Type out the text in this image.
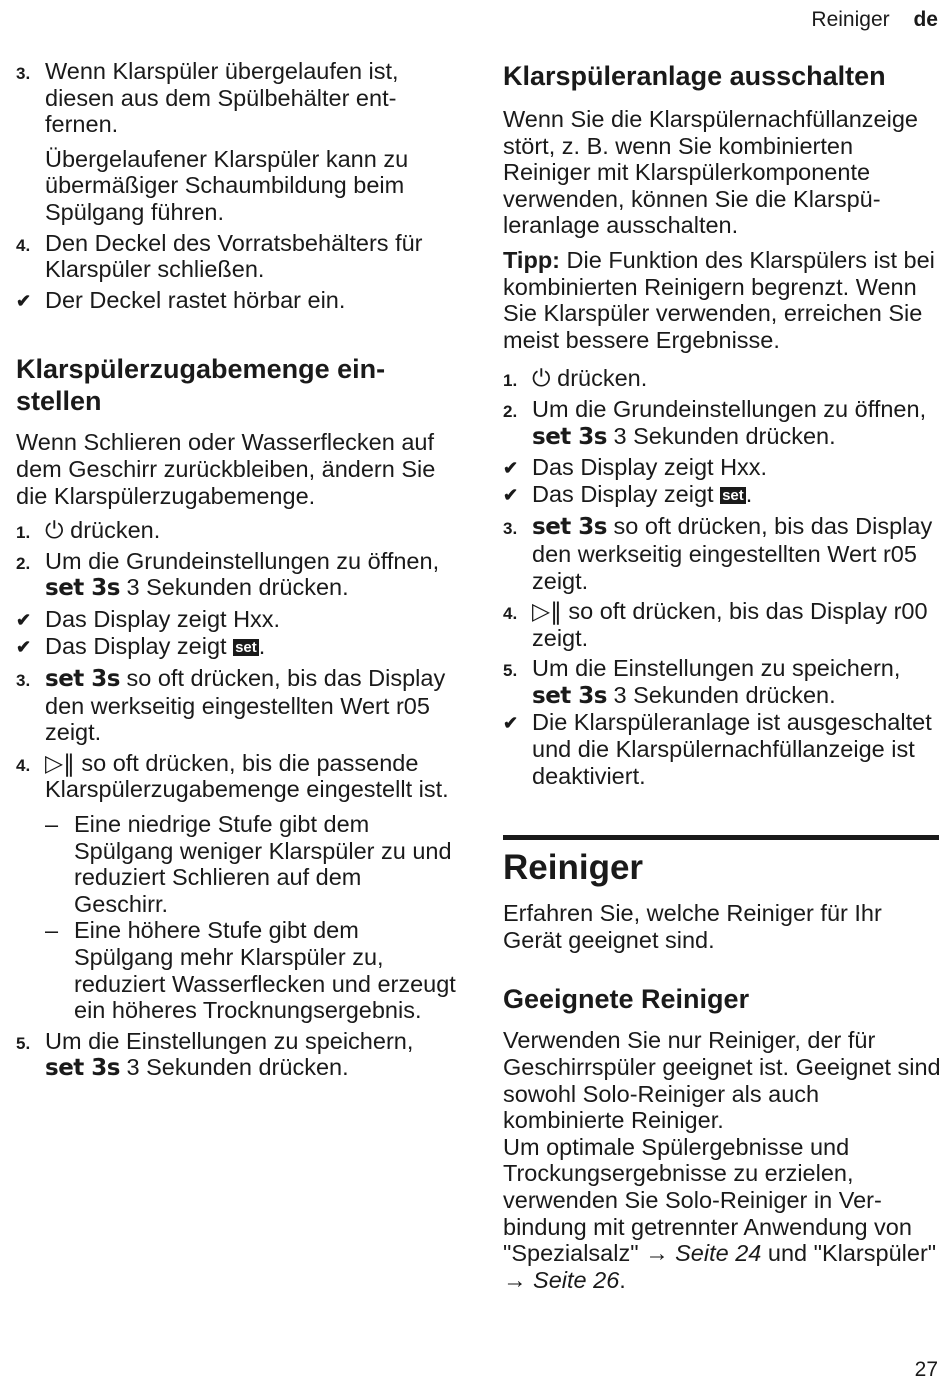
Reiniger de

3. Wenn Klarspüler übergelaufen ist, diesen aus dem Spülbehälter entfernen.

Übergelaufener Klarspüler kann zu übermäßiger Schaumbildung beim Spülgang führen.

4. Den Deckel des Vorratsbehälters für Klarspüler schließen.

✔ Der Deckel rastet hörbar ein.

Klarspülerzugabemenge einstellen

Wenn Schlieren oder Wasserflecken auf dem Geschirr zurückbleiben, ändern Sie die Klarspülerzugabemenge.

1. ⏻ drücken.

2. Um die Grundeinstellungen zu öffnen, set 3s 3 Sekunden drücken.

✔ Das Display zeigt Hxx.

✔ Das Display zeigt set.

3. set 3s so oft drücken, bis das Display den werkseitig eingestellten Wert r05 zeigt.

4. ▷‖ so oft drücken, bis die passende Klarspülerzugabemenge eingestellt ist.

– Eine niedrige Stufe gibt dem Spülgang weniger Klarspüler zu und reduziert Schlieren auf dem Geschirr.

– Eine höhere Stufe gibt dem Spülgang mehr Klarspüler zu, reduziert Wasserflecken und erzeugt ein höheres Trocknungsergebnis.

5. Um die Einstellungen zu speichern,
set 3s 3 Sekunden drücken.

Klarspüleranlage ausschalten

Wenn Sie die Klarspülernachfüllanzeige stört, z. B. wenn Sie kombinierten Reiniger mit Klarspülerkomponente verwenden, können Sie die Klarspüleranlage ausschalten.

Tipp: Die Funktion des Klarspülers ist bei kombinierten Reinigern begrenzt. Wenn Sie Klarspüler verwenden, erreichen Sie meist bessere Ergebnisse.

1. ⏻ drücken.

2. Um die Grundeinstellungen zu öffnen, set 3s 3 Sekunden drücken.

✔ Das Display zeigt Hxx.

✔ Das Display zeigt set.

3. set 3s so oft drücken, bis das Display den werkseitig eingestellten Wert r05 zeigt.

4. ▷‖ so oft drücken, bis das Display r00 zeigt.

5. Um die Einstellungen zu speichern,
set 3s 3 Sekunden drücken.

✔ Die Klarspüleranlage ist ausgeschaltet und die Klarspülernachfüllanzeige ist deaktiviert.

Reiniger

Erfahren Sie, welche Reiniger für Ihr Gerät geeignet sind.

Geeignete Reiniger

Verwenden Sie nur Reiniger, der für Geschirrspüler geeignet ist. Geeignet sind sowohl Solo-Reiniger als auch kombinierte Reiniger.

Um optimale Spülergebnisse und Trockungsergebnisse zu erzielen, verwenden Sie Solo-Reiniger in Verbindung mit getrennter Anwendung von "Spezialsalz" → Seite 24 und "Klarspüler" → Seite 26.

27
